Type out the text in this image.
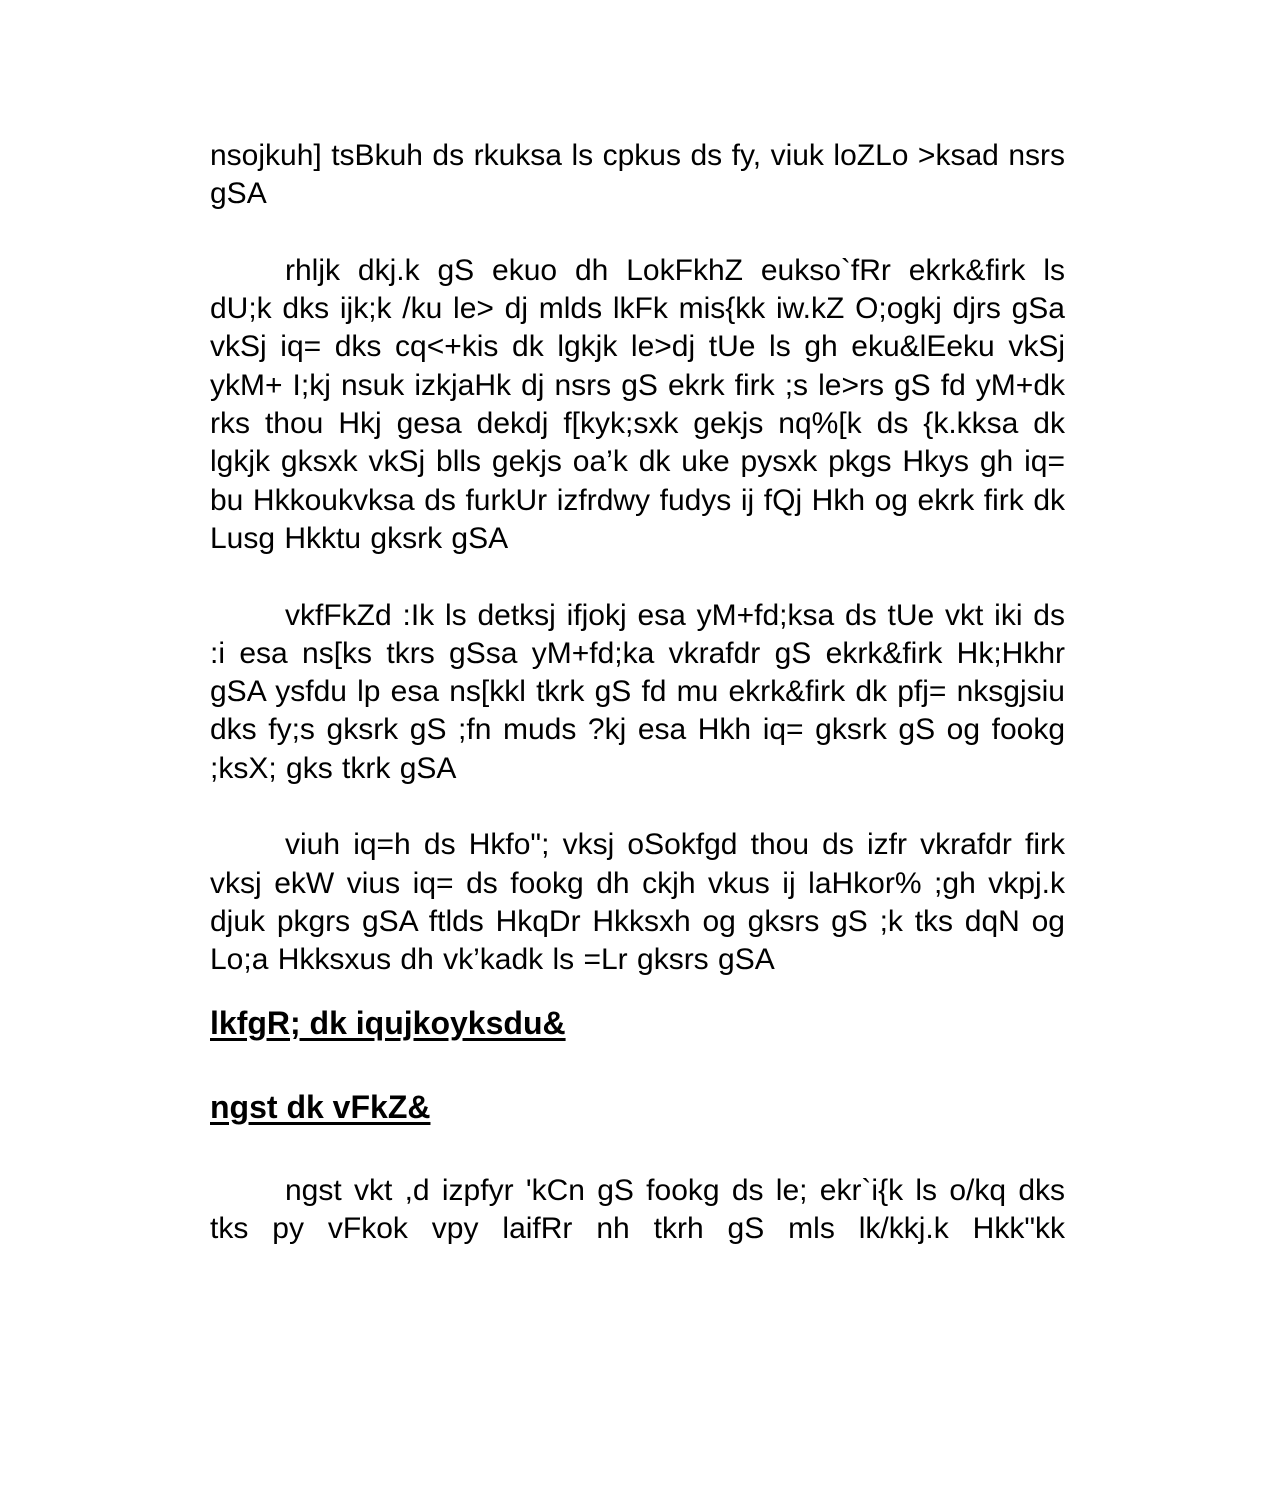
nsojkuh] tsBkuh ds rkuksa ls cpkus ds fy, viuk loZLo >ksad nsrs gSA

rhljk dkj.k gS ekuo dh LokFkhZ eukso`fRr ekrk&firk ls dU;k dks ijk;k /ku le> dj mlds lkFk mis{kk iw.kZ O;ogkj djrs gSa vkSj iq= dks cq<+kis dk lgkjk le>dj tUe ls gh eku&lEeku vkSj ykM+ I;kj nsuk izkjaHk dj nsrs gS ekrk firk ;s le>rs gS fd yM+dk rks thou Hkj gesa dekdj f[kyk;sxk gekjs nq%[k ds {k.kksa dk lgkjk gksxk vkSj blls gekjs oa’k dk uke pysxk pkgs Hkys gh iq= bu Hkkoukvksa ds furkUr izfrdwy fudys ij fQj Hkh og ekrk firk dk Lusg Hkktu gksrk gSA

vkfFkZd :Ik ls detksj ifjokj esa yM+fd;ksa ds tUe vkt iki ds :i esa ns[ks tkrs gSsa yM+fd;ka vkrafdr gS ekrk&firk Hk;Hkhr gSA ysfdu lp esa ns[kkl tkrk gS fd mu ekrk&firk dk pfj= nksgjsiu dks fy;s gksrk gS ;fn muds ?kj esa Hkh iq= gksrk gS og fookg ;ksX; gks tkrk gSA

viuh iq=h ds Hkfo"; vksj oSokfgd thou ds izfr vkrafdr firk vksj ekW vius iq= ds fookg dh ckjh vkus ij laHkor% ;gh vkpj.k djuk pkgrs gSA ftlds HkqDr Hkksxh og gksrs gS ;k tks dqN og Lo;a Hkksxus dh vk’kadk ls =Lr gksrs gSA

lkfgR; dk iqujkoyksdu&

ngst dk vFkZ&

ngst vkt ,d izpfyr 'kCn gS fookg ds le; ekr`i{k ls o/kq dks tks py vFkok vpy laifRr nh tkrh gS mls lk/kkj.k Hkk"kk
